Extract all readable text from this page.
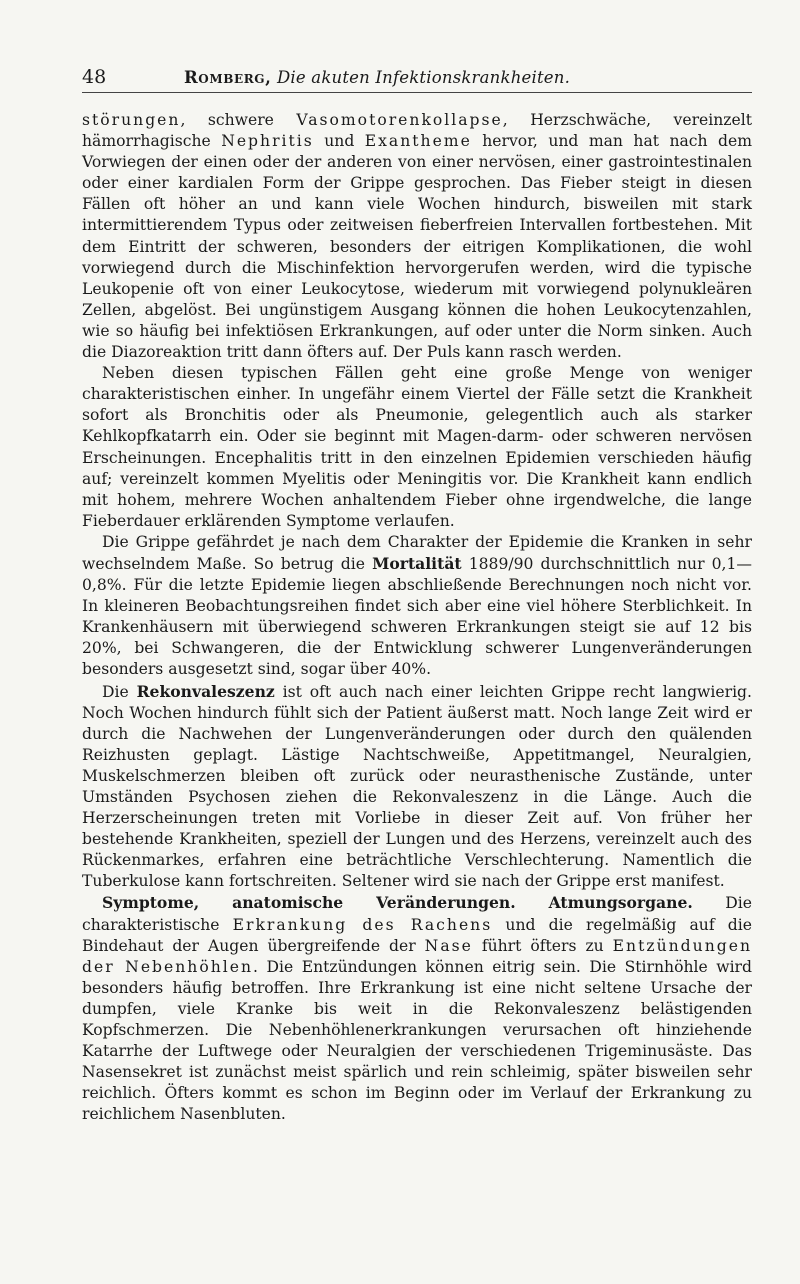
48	Romberg, Die akuten Infektionskrankheiten.

störungen, schwere Vasomotorenkollapse, Herzschwäche, vereinzelt hämorrhagische Nephritis und Exantheme hervor, und man hat nach dem Vorwiegen der einen oder der anderen von einer nervösen, einer gastrointestinalen oder einer kardialen Form der Grippe gesprochen. Das Fieber steigt in diesen Fällen oft höher an und kann viele Wochen hindurch, bisweilen mit stark intermittierendem Typus oder zeitweisen fieberfreien Intervallen fortbestehen. Mit dem Eintritt der schweren, besonders der eitrigen Komplikationen, die wohl vorwiegend durch die Mischinfektion hervorgerufen werden, wird die typische Leukopenie oft von einer Leukocytose, wiederum mit vorwiegend polynukleären Zellen, abgelöst. Bei ungünstigem Ausgang können die hohen Leukocytenzahlen, wie so häufig bei infektiösen Erkrankungen, auf oder unter die Norm sinken. Auch die Diazoreaktion tritt dann öfters auf. Der Puls kann rasch werden.

Neben diesen typischen Fällen geht eine große Menge von weniger charakteristischen einher. In ungefähr einem Viertel der Fälle setzt die Krankheit sofort als Bronchitis oder als Pneumonie, gelegentlich auch als starker Kehlkopfkatarrh ein. Oder sie beginnt mit Magen-darm- oder schweren nervösen Erscheinungen. Encephalitis tritt in den einzelnen Epidemien verschieden häufig auf; vereinzelt kommen Myelitis oder Meningitis vor. Die Krankheit kann endlich mit hohem, mehrere Wochen anhaltendem Fieber ohne irgendwelche, die lange Fieberdauer erklärenden Symptome verlaufen.

Die Grippe gefährdet je nach dem Charakter der Epidemie die Kranken in sehr wechselndem Maße. So betrug die Mortalität 1889/90 durchschnittlich nur 0,1—0,8%. Für die letzte Epidemie liegen abschließende Berechnungen noch nicht vor. In kleineren Beobachtungsreihen findet sich aber eine viel höhere Sterblichkeit. In Krankenhäusern mit überwiegend schweren Erkrankungen steigt sie auf 12 bis 20%, bei Schwangeren, die der Entwicklung schwerer Lungenveränderungen besonders ausgesetzt sind, sogar über 40%.

Die Rekonvaleszenz ist oft auch nach einer leichten Grippe recht langwierig. Noch Wochen hindurch fühlt sich der Patient äußerst matt. Noch lange Zeit wird er durch die Nachwehen der Lungenveränderungen oder durch den quälenden Reizhusten geplagt. Lästige Nachtschweiße, Appetitmangel, Neuralgien, Muskelschmerzen bleiben oft zurück oder neurasthenische Zustände, unter Umständen Psychosen ziehen die Rekonvaleszenz in die Länge. Auch die Herzerscheinungen treten mit Vorliebe in dieser Zeit auf. Von früher her bestehende Krankheiten, speziell der Lungen und des Herzens, vereinzelt auch des Rückenmarkes, erfahren eine beträchtliche Verschlechterung. Namentlich die Tuberkulose kann fortschreiten. Seltener wird sie nach der Grippe erst manifest.

Symptome, anatomische Veränderungen. Atmungsorgane. Die charakteristische Erkrankung des Rachens und die regelmäßig auf die Bindehaut der Augen übergreifende der Nase führt öfters zu Entzündungen der Nebenhöhlen. Die Entzündungen können eitrig sein. Die Stirnhöhle wird besonders häufig betroffen. Ihre Erkrankung ist eine nicht seltene Ursache der dumpfen, viele Kranke bis weit in die Rekonvaleszenz belästigenden Kopfschmerzen. Die Nebenhöhlenerkrankungen verursachen oft hinziehende Katarrhe der Luftwege oder Neuralgien der verschiedenen Trigeminusäste. Das Nasensekret ist zunächst meist spärlich und rein schleimig, später bisweilen sehr reichlich. Öfters kommt es schon im Beginn oder im Verlauf der Erkrankung zu reichlichem Nasenbluten.
